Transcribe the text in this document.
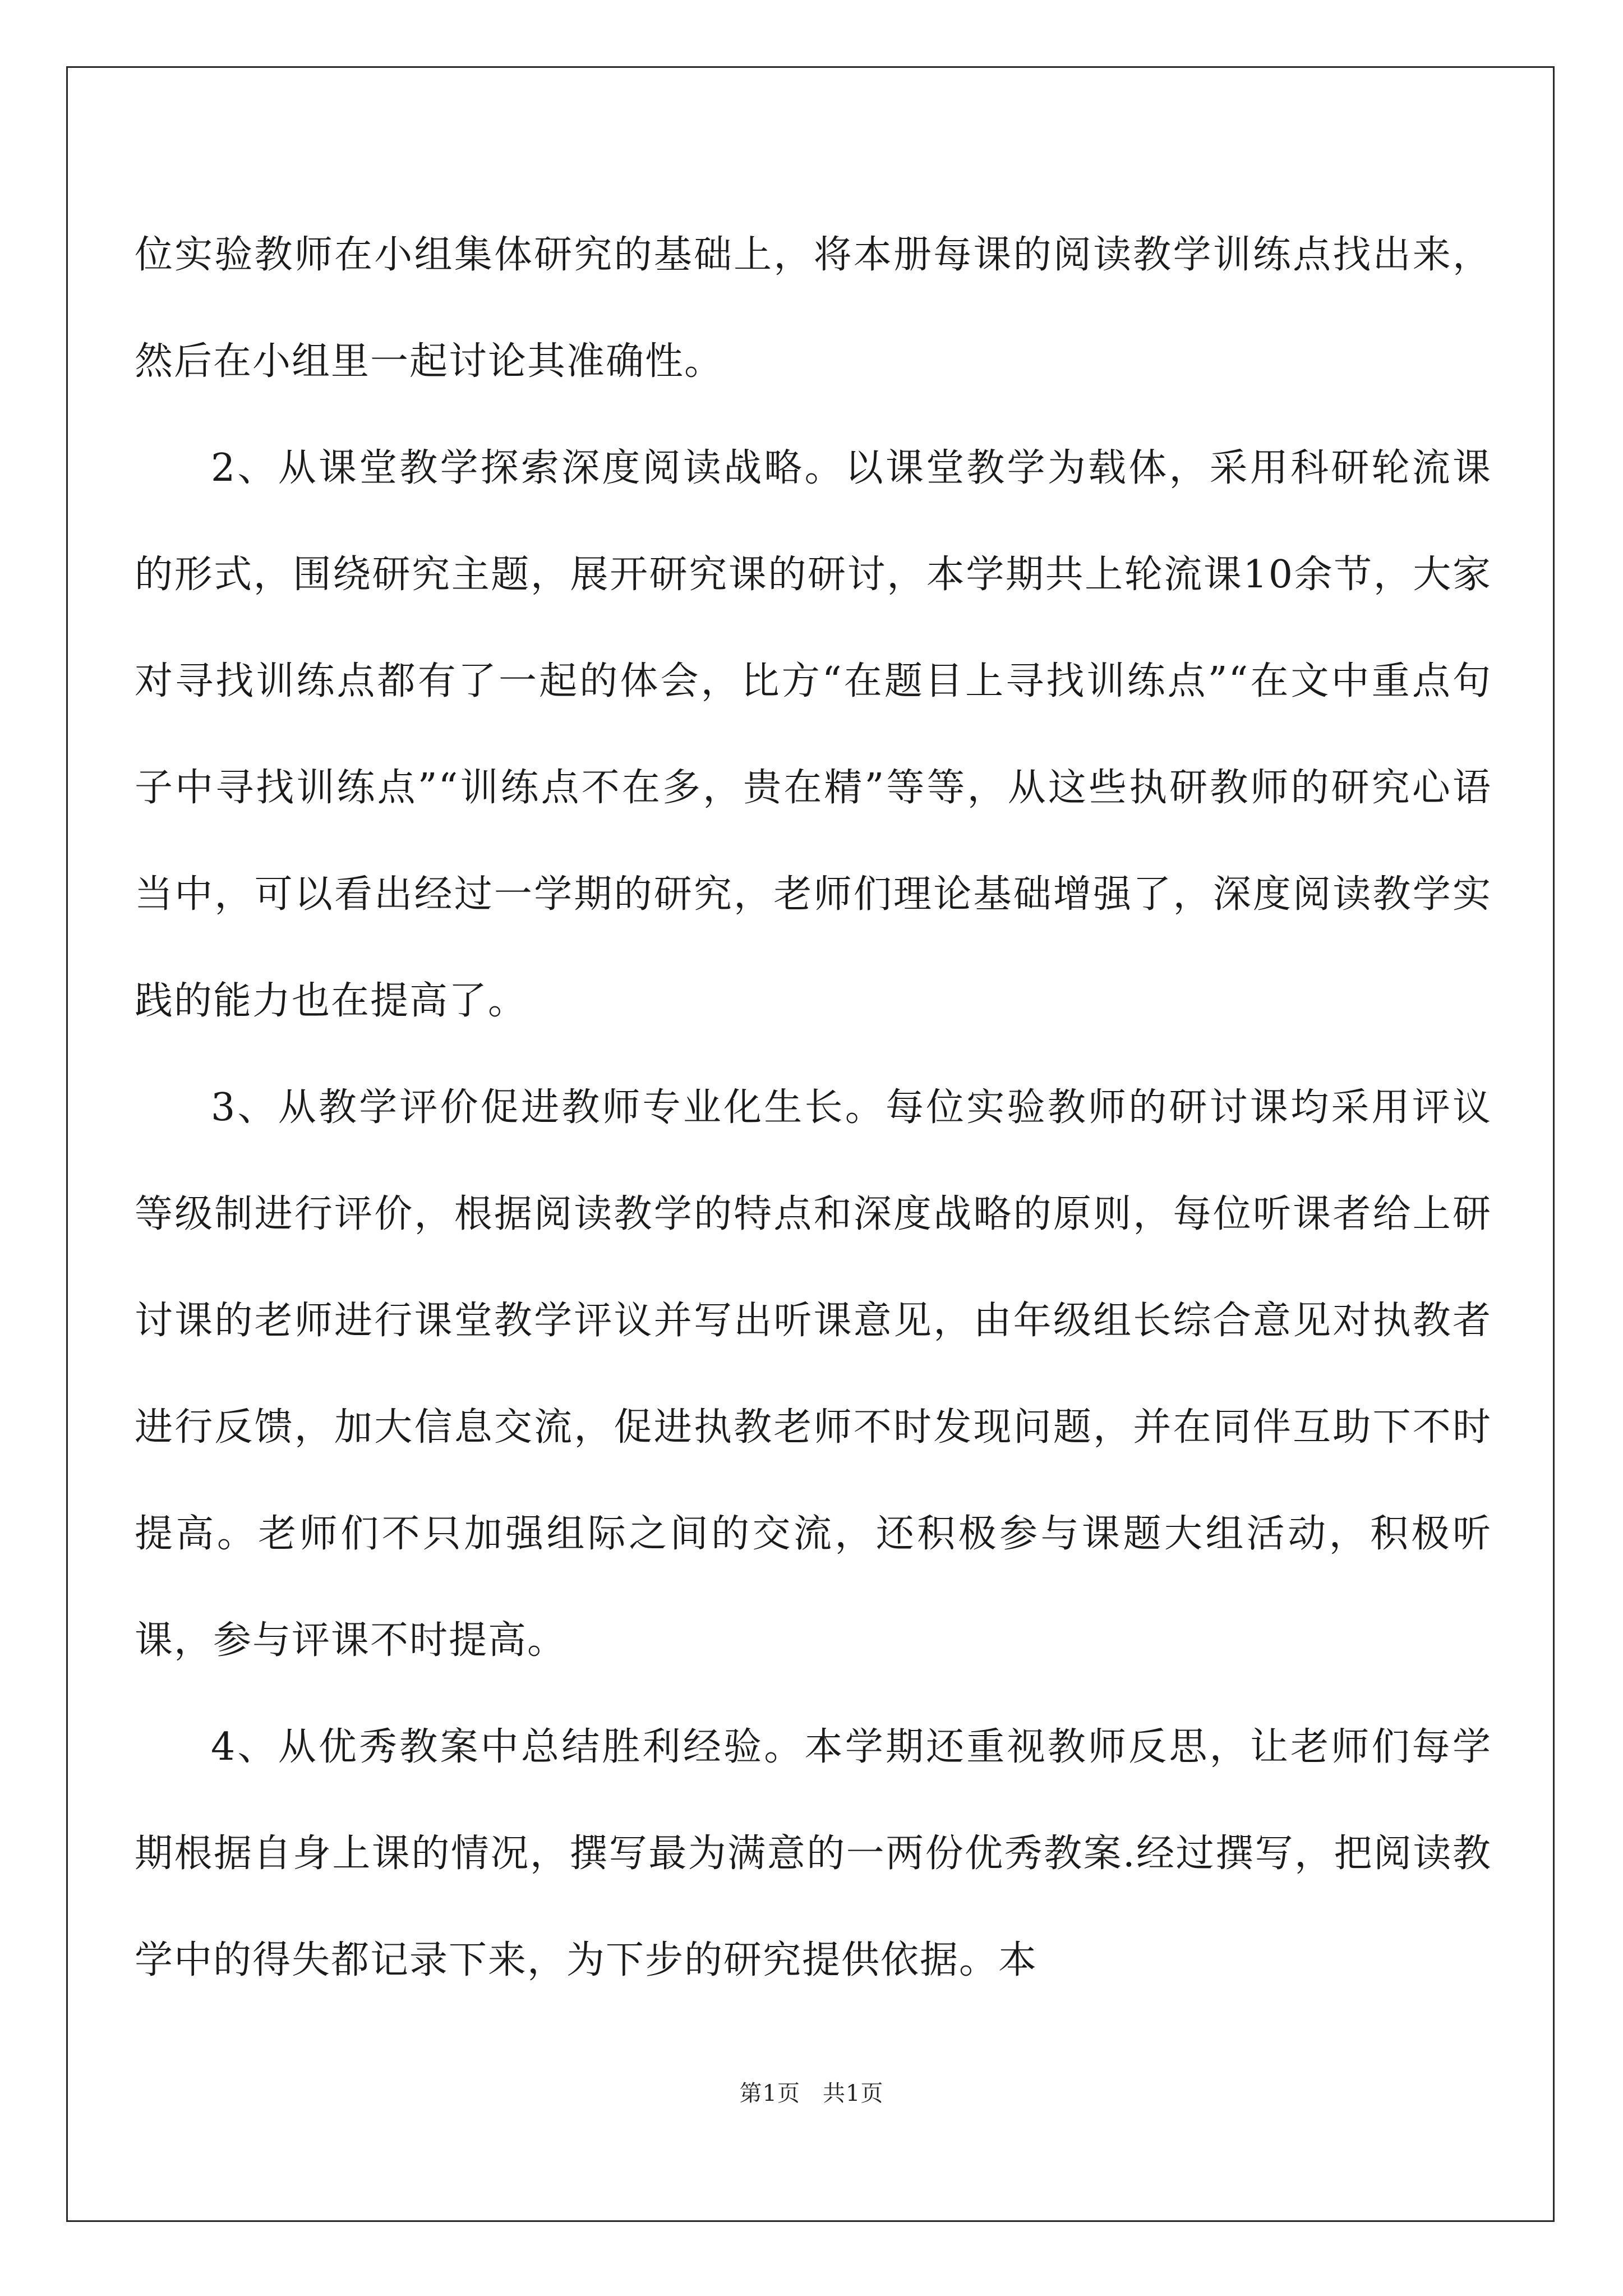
位实验教师在小组集体研究的基础上，将本册每课的阅读教学训练点找出来，然后在小组里一起讨论其准确性。

2、从课堂教学探索深度阅读战略。以课堂教学为载体，采用科研轮流课的形式，围绕研究主题，展开研究课的研讨，本学期共上轮流课10余节，大家对寻找训练点都有了一起的体会，比方“在题目上寻找训练点”“在文中重点句子中寻找训练点”“训练点不在多，贵在精”等等，从这些执研教师的研究心语当中，可以看出经过一学期的研究，老师们理论基础增强了，深度阅读教学实践的能力也在提高了。

3、从教学评价促进教师专业化生长。每位实验教师的研讨课均采用评议等级制进行评价，根据阅读教学的特点和深度战略的原则，每位听课者给上研讨课的老师进行课堂教学评议并写出听课意见，由年级组长综合意见对执教者进行反馈，加大信息交流，促进执教老师不时发现问题，并在同伴互助下不时提高。老师们不只加强组际之间的交流，还积极参与课题大组活动，积极听课，参与评课不时提高。

4、从优秀教案中总结胜利经验。本学期还重视教师反思，让老师们每学期根据自身上课的情况，撰写最为满意的一两份优秀教案.经过撰写，把阅读教学中的得失都记录下来，为下步的研究提供依据。本

第1页 共1页
